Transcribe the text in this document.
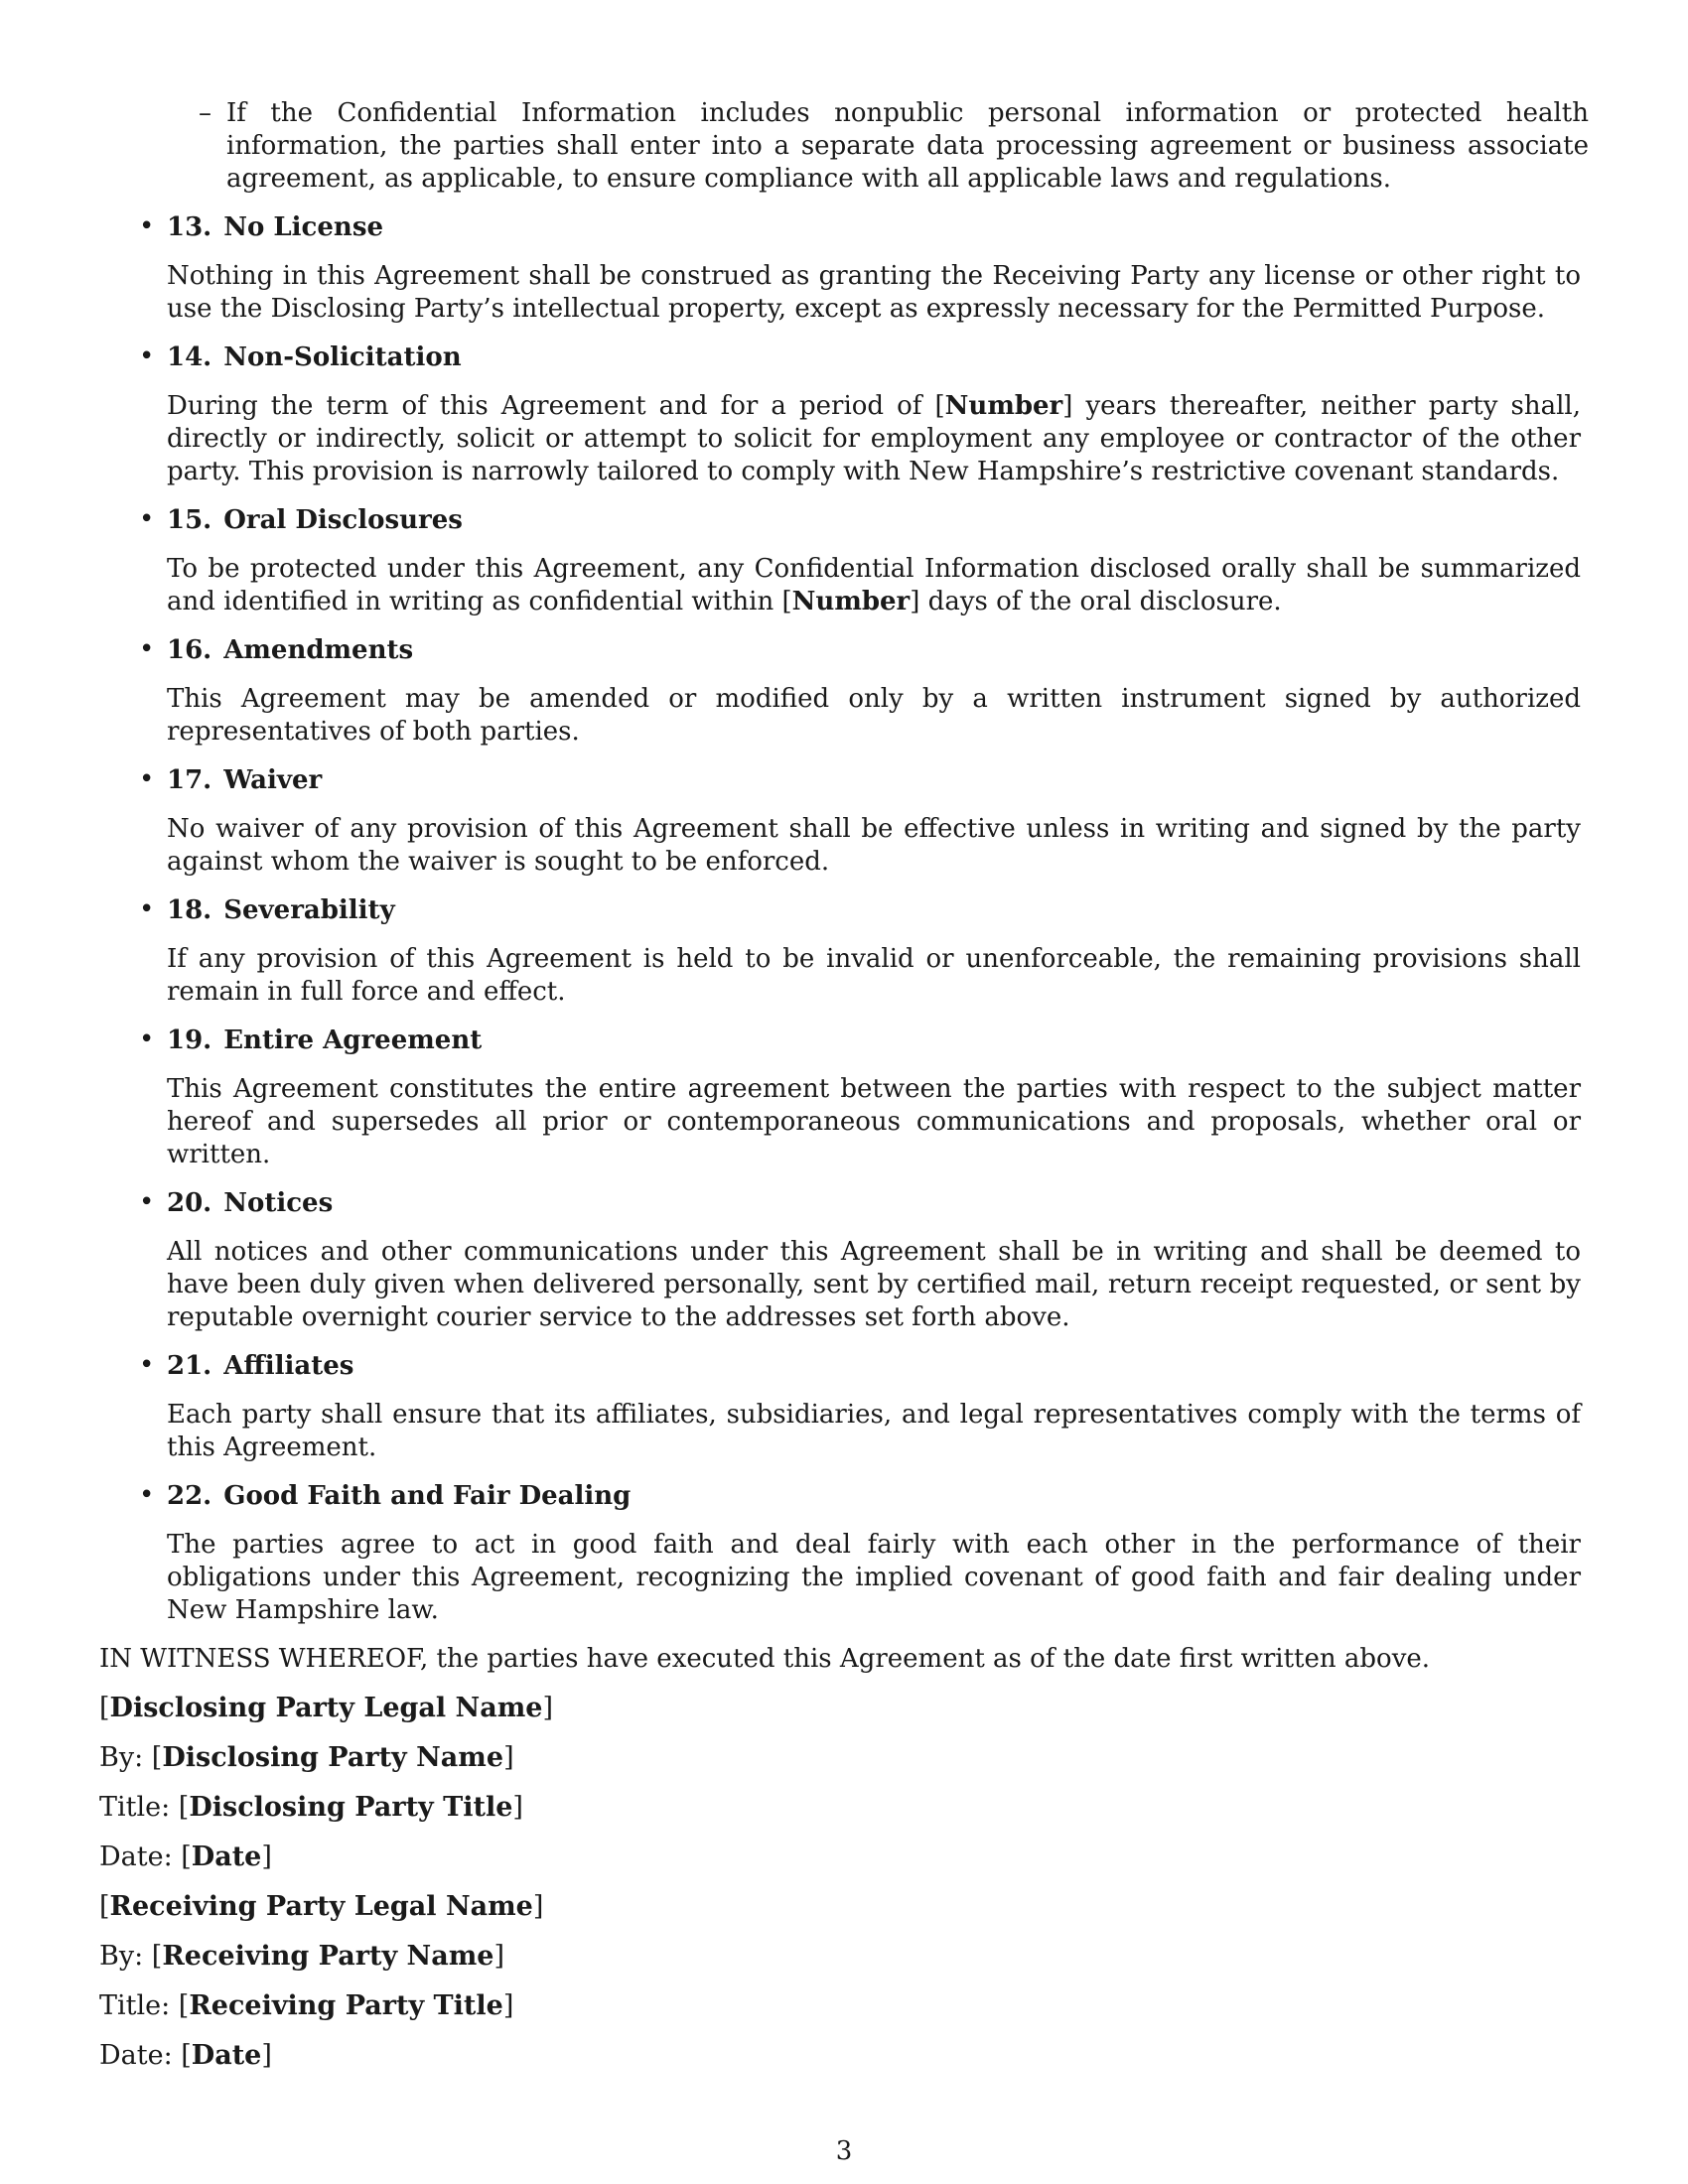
– If the Confidential Information includes nonpublic personal information or protected health information, the parties shall enter into a separate data processing agreement or business associate agreement, as applicable, to ensure compliance with all applicable laws and regulations.
• 13. No License
Nothing in this Agreement shall be construed as granting the Receiving Party any license or other right to use the Disclosing Party’s intellectual property, except as expressly necessary for the Permitted Purpose.
• 14. Non-Solicitation
During the term of this Agreement and for a period of [Number] years thereafter, neither party shall, directly or indirectly, solicit or attempt to solicit for employment any employee or contractor of the other party. This provision is narrowly tailored to comply with New Hampshire’s restrictive covenant standards.
• 15. Oral Disclosures
To be protected under this Agreement, any Confidential Information disclosed orally shall be summarized and identified in writing as confidential within [Number] days of the oral disclosure.
• 16. Amendments
This Agreement may be amended or modified only by a written instrument signed by authorized representatives of both parties.
• 17. Waiver
No waiver of any provision of this Agreement shall be effective unless in writing and signed by the party against whom the waiver is sought to be enforced.
• 18. Severability
If any provision of this Agreement is held to be invalid or unenforceable, the remaining provisions shall remain in full force and effect.
• 19. Entire Agreement
This Agreement constitutes the entire agreement between the parties with respect to the subject matter hereof and supersedes all prior or contemporaneous communications and proposals, whether oral or written.
• 20. Notices
All notices and other communications under this Agreement shall be in writing and shall be deemed to have been duly given when delivered personally, sent by certified mail, return receipt requested, or sent by reputable overnight courier service to the addresses set forth above.
• 21. Affiliates
Each party shall ensure that its affiliates, subsidiaries, and legal representatives comply with the terms of this Agreement.
• 22. Good Faith and Fair Dealing
The parties agree to act in good faith and deal fairly with each other in the performance of their obligations under this Agreement, recognizing the implied covenant of good faith and fair dealing under New Hampshire law.
IN WITNESS WHEREOF, the parties have executed this Agreement as of the date first written above.
[Disclosing Party Legal Name]
By: [Disclosing Party Name]
Title: [Disclosing Party Title]
Date: [Date]
[Receiving Party Legal Name]
By: [Receiving Party Name]
Title: [Receiving Party Title]
Date: [Date]
3
